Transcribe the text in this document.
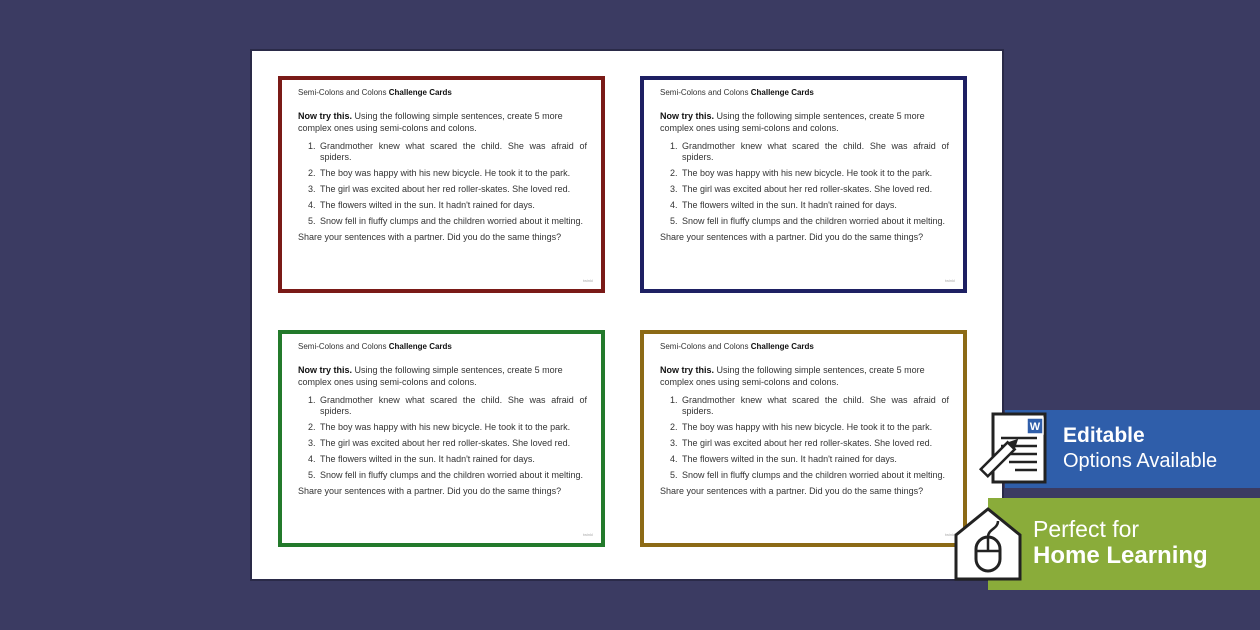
Semi-Colons and Colons Challenge Cards

Now try this. Using the following simple sentences, create 5 more complex ones using semi-colons and colons.

1. Grandmother knew what scared the child. She was afraid of spiders.
2. The boy was happy with his new bicycle. He took it to the park.
3. The girl was excited about her red roller-skates. She loved red.
4. The flowers wilted in the sun. It hadn't rained for days.
5. Snow fell in fluffy clumps and the children worried about it melting.

Share your sentences with a partner. Did you do the same things?

twinkl

Semi-Colons and Colons Challenge Cards

Now try this. Using the following simple sentences, create 5 more complex ones using semi-colons and colons.

1. Grandmother knew what scared the child. She was afraid of spiders.
2. The boy was happy with his new bicycle. He took it to the park.
3. The girl was excited about her red roller-skates. She loved red.
4. The flowers wilted in the sun. It hadn't rained for days.
5. Snow fell in fluffy clumps and the children worried about it melting.

Share your sentences with a partner. Did you do the same things?

twinkl

Semi-Colons and Colons Challenge Cards

Now try this. Using the following simple sentences, create 5 more complex ones using semi-colons and colons.

1. Grandmother knew what scared the child. She was afraid of spiders.
2. The boy was happy with his new bicycle. He took it to the park.
3. The girl was excited about her red roller-skates. She loved red.
4. The flowers wilted in the sun. It hadn't rained for days.
5. Snow fell in fluffy clumps and the children worried about it melting.

Share your sentences with a partner. Did you do the same things?

twinkl

Semi-Colons and Colons Challenge Cards

Now try this. Using the following simple sentences, create 5 more complex ones using semi-colons and colons.

1. Grandmother knew what scared the child. She was afraid of spiders.
2. The boy was happy with his new bicycle. He took it to the park.
3. The girl was excited about her red roller-skates. She loved red.
4. The flowers wilted in the sun. It hadn't rained for days.
5. Snow fell in fluffy clumps and the children worried about it melting.

Share your sentences with a partner. Did you do the same things?

twinkl
Editable
Options Available
W
Perfect for
Home Learning
